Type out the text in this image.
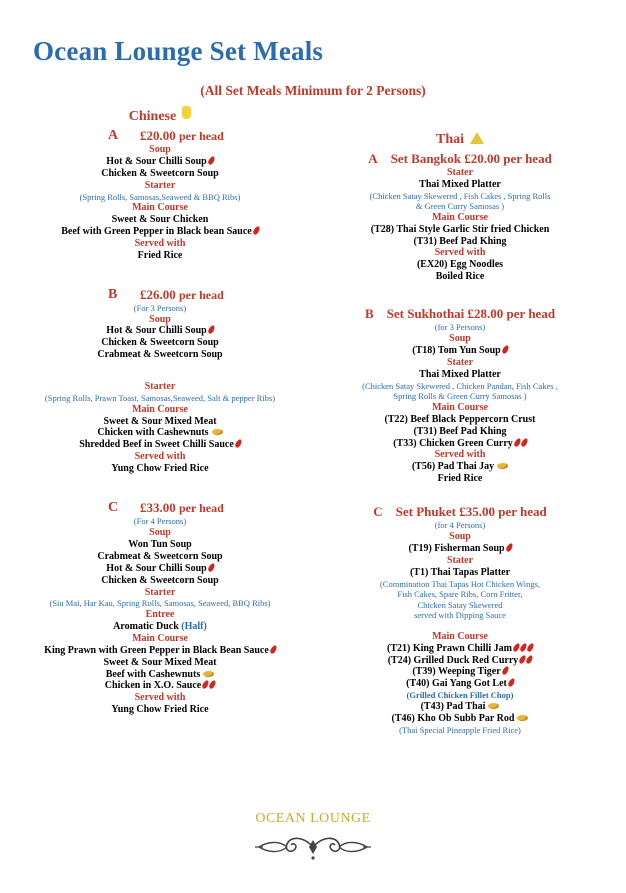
Ocean Lounge Set Meals
(All Set Meals Minimum for 2 Persons)
Chinese
A £20.00 per head
Soup
Hot & Sour Chilli Soup
Chicken & Sweetcorn Soup
Starter
(Spring Rolls, Samosas,Seaweed & BBQ Ribs)
Main Course
Sweet & Sour Chicken
Beef with Green Pepper in Black bean Sauce
Served with
Fried Rice
B £26.00 per head
(For 3 Persons)
Soup
Hot & Sour Chilli Soup
Chicken & Sweetcorn Soup
Crabmeat & Sweetcorn Soup
Starter
(Spring Rolls, Prawn Toast, Samosas,Seaweed, Salt & pepper Ribs)
Main Course
Sweet & Sour Mixed Meat
Chicken with Cashewnuts
Shredded Beef in Sweet Chilli Sauce
Served with
Yung Chow Fried Rice
C £33.00 per head
(For 4 Persons)
Soup
Won Tun Soup
Crabmeat & Sweetcorn Soup
Hot & Sour Chilli Soup
Chicken & Sweetcorn Soup
Starter
(Siu Mai, Har Kau, Spring Rolls, Samosas, Seaweed, BBQ Ribs)
Entree
Aromatic Duck (Half)
Main Course
King Prawn with Green Pepper in Black Bean Sauce
Sweet & Sour Mixed Meat
Beef with Cashewnuts
Chicken in X.O. Sauce
Served with
Yung Chow Fried Rice
Thai
A  Set Bangkok £20.00 per head
Stater
Thai Mixed Platter
(Chicken Satay Skewered , Fish Cakes , Spring Rolls
& Green Curry Samosas )
Main Course
(T28) Thai Style Garlic Stir fried Chicken
(T31) Beef Pad Khing
Served with
(EX20) Egg Noodles
Boiled Rice
B  Set Sukhothai £28.00 per head
(for 3 Persons)
Soup
(T18) Tom Yun Soup
Stater
Thai Mixed Platter
(Chicken Satay Skewered , Chicken Pandan, Fish Cakes ,
Spring Rolls & Green Curry Samosas )
Main Course
(T22) Beef Black Peppercorn Crust
(T31) Beef Pad Khing
(T33) Chicken Green Curry
Served with
(T56) Pad Thai Jay
Fried Rice
C  Set Phuket £35.00 per head
(for 4 Persons)
Soup
(T19) Fisherman Soup
Stater
(T1) Thai Tapas Platter
(Commination Thai Tapas Hot Chicken Wings,
Fish Cakes, Spare Ribs, Corn Fritter,
Chicken Satay Skewered
served with Dipping Sauce
Main Course
(T21) King Prawn Chilli Jam
(T24) Grilled Duck Red Curry
(T39) Weeping Tiger
(T40) Gai Yang Got Let
(Grilled Chicken Fillet Chop)
(T43) Pad Thai
(T46) Kho Ob Subb Par Rod
(Thai Special Pineapple Fried Rice)
OCEAN LOUNGE
